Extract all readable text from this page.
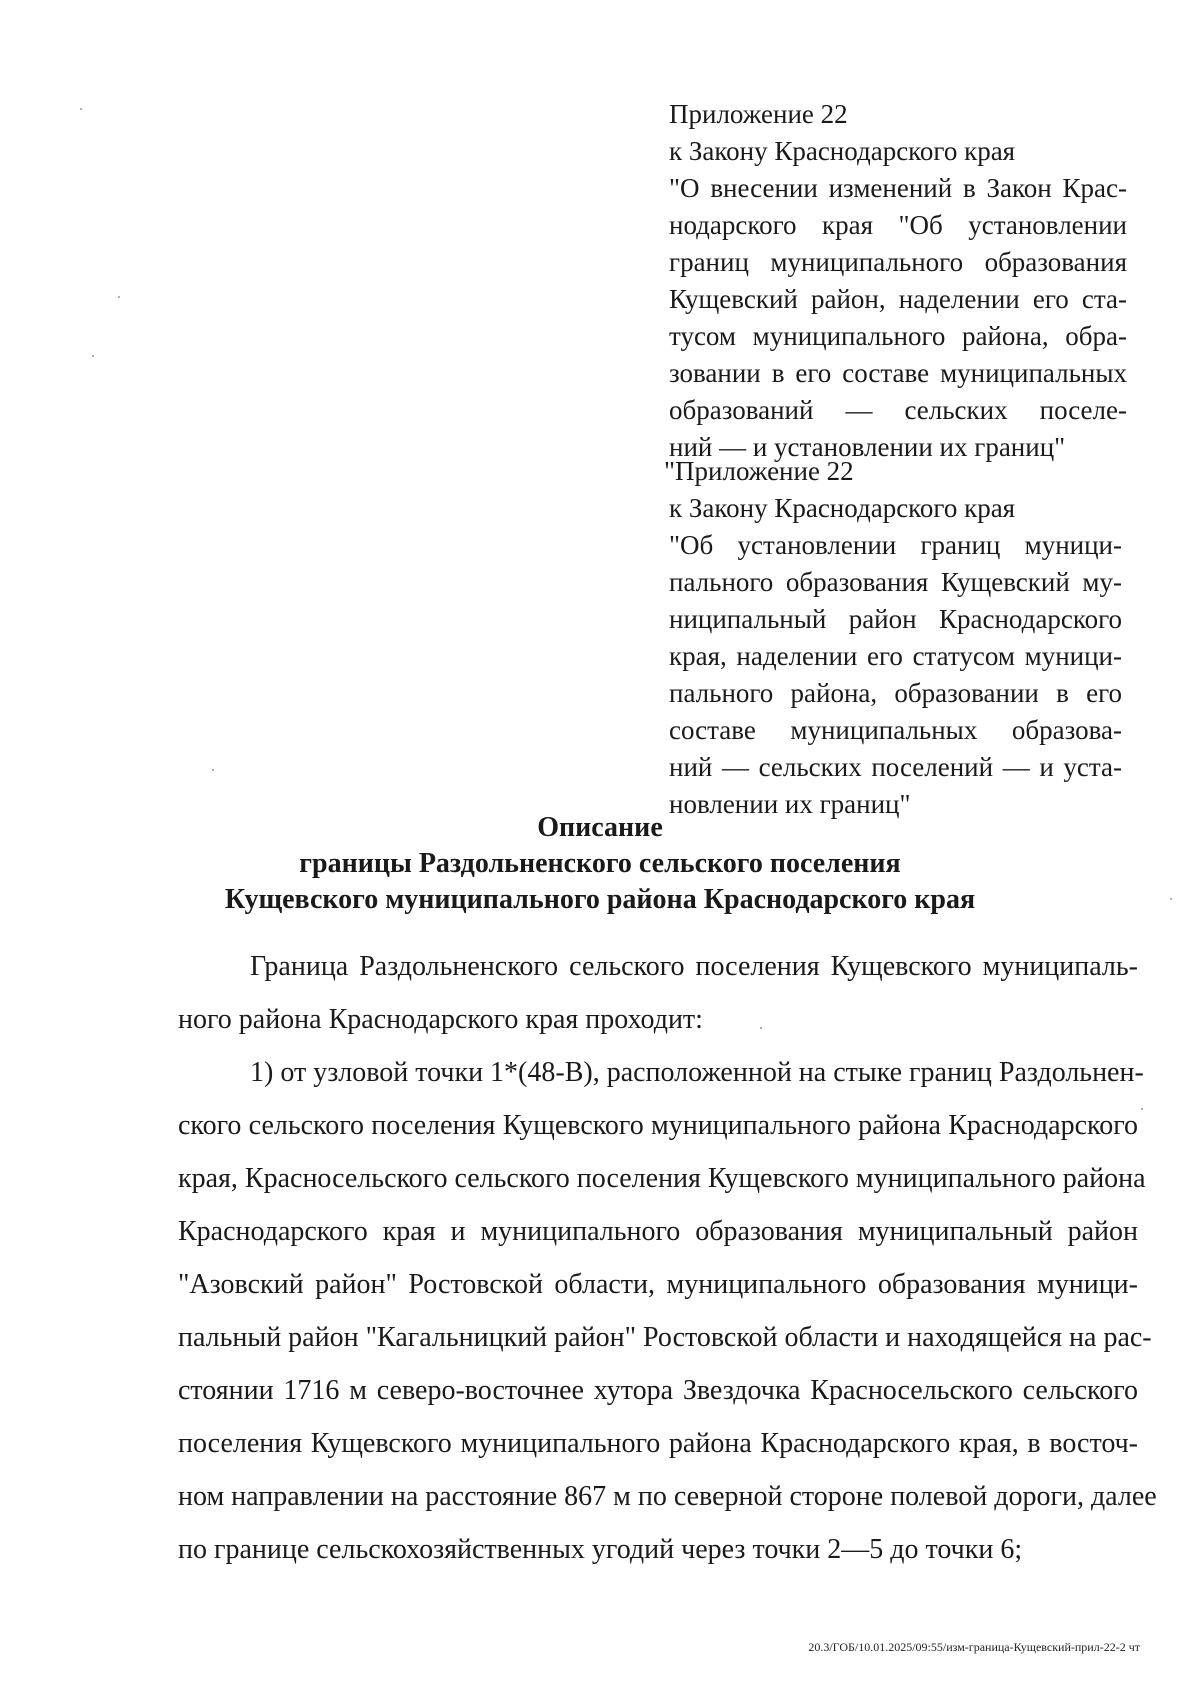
Приложение 22
к Закону Краснодарского края
"О внесении изменений в Закон Крас-
нодарского края "Об установлении
границ муниципального образования
Кущевский район, наделении его ста-
тусом муниципального района, обра-
зовании в его составе муниципальных
образований — сельских поселе-
ний — и установлении их границ"
"Приложение 22
к Закону Краснодарского края
"Об установлении границ муници-
пального образования Кущевский му-
ниципальный район Краснодарского
края, наделении его статусом муници-
пального района, образовании в его
составе муниципальных образова-
ний — сельских поселений — и уста-
новлении их границ"
Описание
границы Раздольненского сельского поселения
Кущевского муниципального района Краснодарского края
Граница Раздольненского сельского поселения Кущевского муниципаль-
ного района Краснодарского края проходит:
1) от узловой точки 1*(48-В), расположенной на стыке границ Раздольнен-
ского сельского поселения Кущевского муниципального района Краснодарского
края, Красносельского сельского поселения Кущевского муниципального района
Краснодарского края и муниципального образования муниципальный район
"Азовский район" Ростовской области, муниципального образования муници-
пальный район "Кагальницкий район" Ростовской области и находящейся на рас-
стоянии 1716 м северо-восточнее хутора Звездочка Красносельского сельского
поселения Кущевского муниципального района Краснодарского края, в восточ-
ном направлении на расстояние 867 м по северной стороне полевой дороги, далее
по границе сельскохозяйственных угодий через точки 2—5 до точки 6;
20.3/ГОБ/10.01.2025/09:55/изм-граница-Кущевский-прил-22-2 чт
